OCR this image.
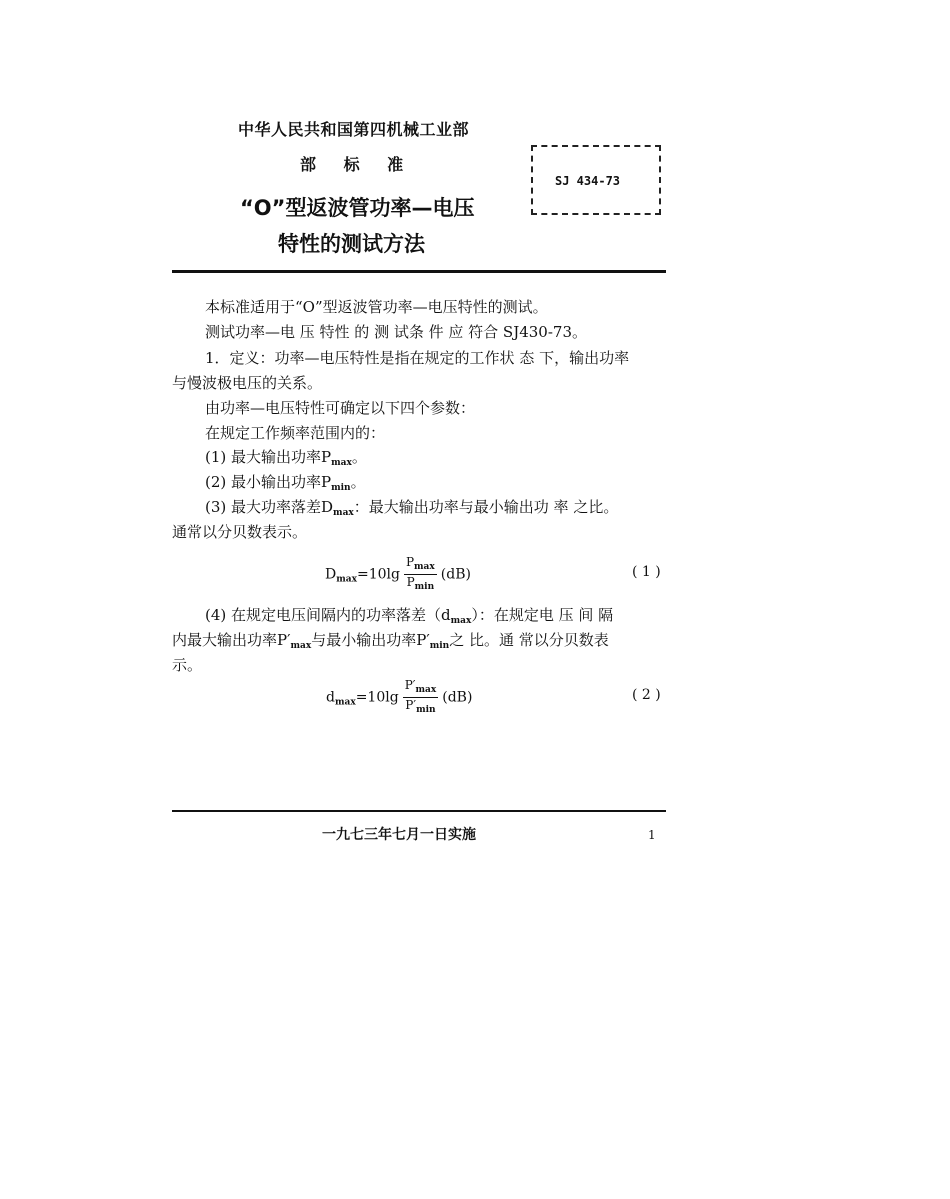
中华人民共和国第四机械工业部
部 标 准
“O”型返波管功率—电压
特性的测试方法
SJ 434-73
本标准适用于“O”型返波管功率—电压特性的测试。
测试功率—电 压 特性 的 测 试条 件 应 符合 SJ430-73。
1．定义：功率—电压特性是指在规定的工作状 态 下，输出功率
与慢波极电压的关系。
由功率—电压特性可确定以下四个参数：
在规定工作频率范围内的：
(1) 最大输出功率$P_{max}$。
(2) 最小输出功率$P_{min}$。
(3) 最大功率落差$D_{max}$：最大输出功率与最小输出功 率 之比。
通常以分贝数表示。
$D_{max}=10\lg \frac{P_{max}}{P_{min}} (dB)$	( 1 )
(4) 在规定电压间隔内的功率落差$(d_{max})$：在规定电 压 间 隔
内最大输出功率$P'_{max}$与最小输出功率$P'_{min}$之 比。通 常以分贝数表
示。
$d_{max}=10\lg \frac{P'_{max}}{P'_{min}} (dB)$	( 2 )
一九七三年七月一日实施	1
